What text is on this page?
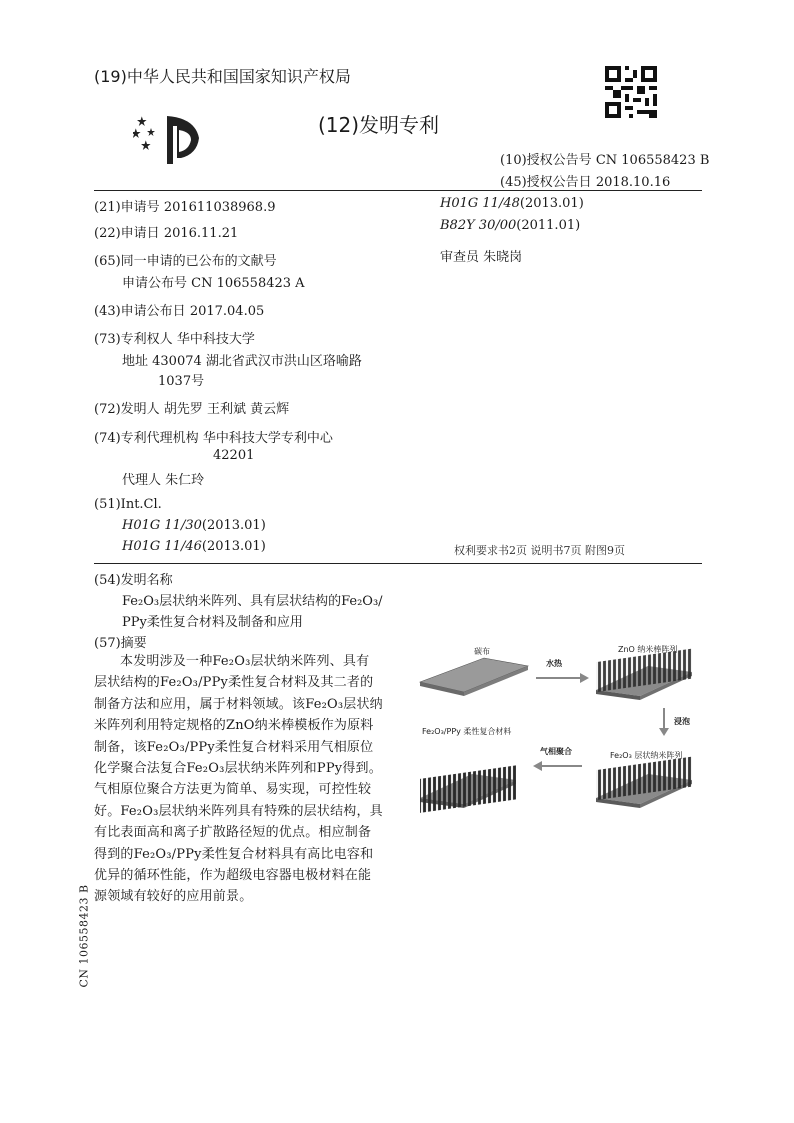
(19)中华人民共和国国家知识产权局
(12)发明专利
(10)授权公告号 CN 106558423 B
(45)授权公告日 2018.10.16
(21)申请号 201611038968.9
(22)申请日 2016.11.21
(65)同一申请的已公布的文献号
申请公布号 CN 106558423 A
(43)申请公布日 2017.04.05
(73)专利权人 华中科技大学
地址 430074 湖北省武汉市洪山区珞喻路
1037号
(72)发明人 胡先罗 王利斌 黄云辉
(74)专利代理机构 华中科技大学专利中心
42201
代理人 朱仁玲
(51)Int.Cl.
H01G 11/30(2013.01)
H01G 11/46(2013.01)
H01G 11/48(2013.01)
B82Y 30/00(2011.01)
审查员 朱晓岗
权利要求书2页 说明书7页 附图9页
(54)发明名称
Fe₂O₃层状纳米阵列、具有层状结构的Fe₂O₃/
PPy柔性复合材料及制备和应用
(57)摘要

本发明涉及一种Fe₂O₃层状纳米阵列、具有

层状结构的Fe₂O₃/PPy柔性复合材料及其二者的

制备方法和应用，属于材料领域。该Fe₂O₃层状纳

米阵列利用特定规格的ZnO纳米棒模板作为原料

制备，该Fe₂O₃/PPy柔性复合材料采用气相原位

化学聚合法复合Fe₂O₃层状纳米阵列和PPy得到。

气相原位聚合方法更为简单、易实现，可控性较

好。Fe₂O₃层状纳米阵列具有特殊的层状结构，具

有比表面高和离子扩散路径短的优点。相应制备

得到的Fe₂O₃/PPy柔性复合材料具有高比电容和

优异的循环性能，作为超级电容器电极材料在能

源领域有较好的应用前景。

碳布
水热
ZnO 纳米棒阵列
浸泡
Fe₂O₃ 层状纳米阵列
气相聚合
Fe₂O₃/PPy 柔性复合材料
CN 106558423 B
